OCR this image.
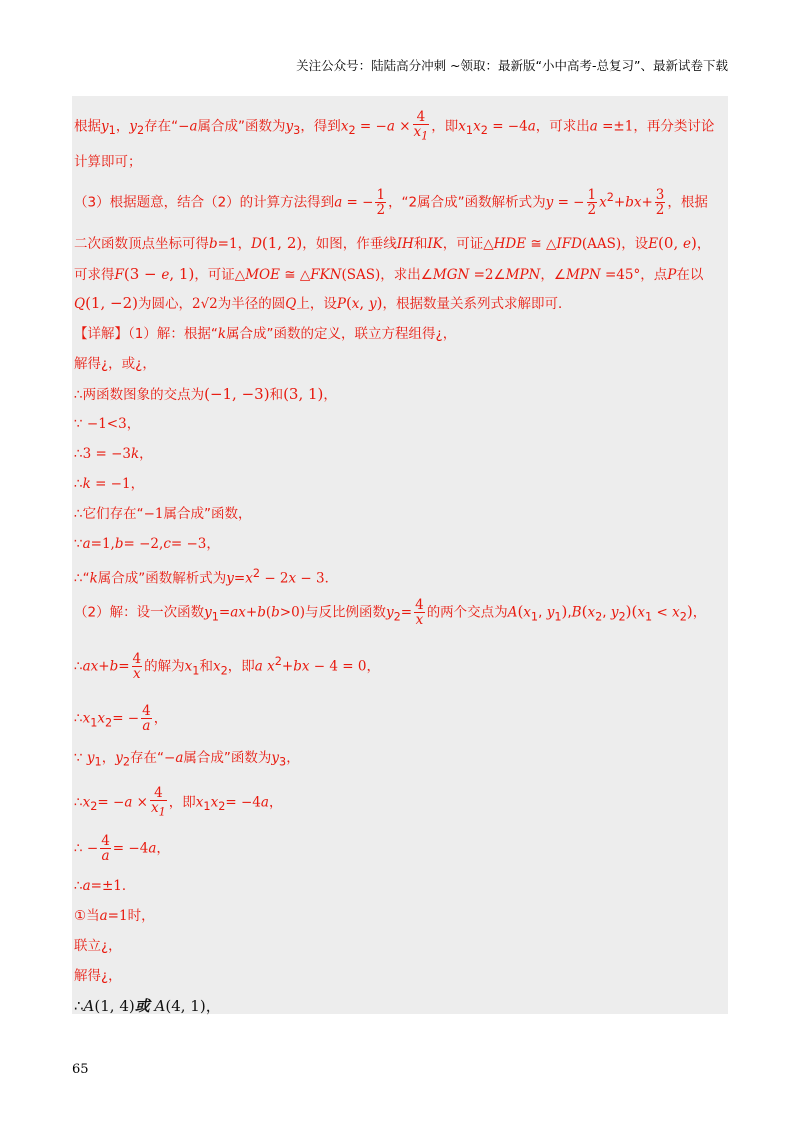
关注公众号：陆陆高分冲刺 ~领取：最新版“小中高考-总复习”、最新试卷下载
根据$y_1$，$y_2$存在“−a属合成”函数为$y_3$，得到$x_2 = -a \times \frac{4}{x_1}$ ，即$x_1x_2 = -4a$，可求出a =±1，再分类讨论
计算即可；
（3）根据题意，结合（2）的计算方法得到a = − $\frac{1}{2}$ ，“2属合成”函数解析式为y = − $\frac{1}{2} x^2+bx+ \frac{3}{2}$ ，根据
二次函数顶点坐标可得b=1，D(1, 2)，如图，作垂线IH和IK，可证△HDE ≅ △IFD(AAS)，设E(0, e)，
可求得F(3 − e, 1)，可证△MOE ≅ △FKN(SAS)，求出∠MGN =2∠MPN，∠MPN =45°，点P在以
Q(1, −2)为圆心，2√2为半径的圆Q上，设P(x, y)，根据数量关系列式求解即可．
【详解】（1）解：根据“k属合成”函数的定义，联立方程组得¿，
解得¿，或¿，
∴两函数图象的交点为(−1, −3)和(3, 1)，
∵ −1<3，
∴3 = −3k，
∴k = −1，
∴它们存在“−1属合成”函数，
∵a=1,b= −2,c= −3，
∴“k属合成”函数解析式为$y=x^2 - 2x - 3$．
（2）解：设一次函数$y_1=ax+b(b>0)$与反比例函数$y_2= \frac{4}{x}$ 的两个交点为$A(x_1$, $y_1),B(x_2$, $y_2)(x_1 < x_2)$，
∴ax+b= $\frac{4}{x}$ 的解为$x_1$和$x_2$，即a $x^2+bx - 4 = 0$，
$\therefore x_1x_2= - \frac{4}{a}$ ，
∵ $y_1$，$y_2$存在“−a属合成”函数为$y_3$，
$\therefore x_2= -a \times \frac{4}{x_1}$ ，即$x_1x_2= -4a$，
∴ − $\frac{4}{a} = -4a$，
∴a=±1．
①当a=1时，
联立¿，
解得¿，
∴A(1, 4)或 A(4, 1)，
65
